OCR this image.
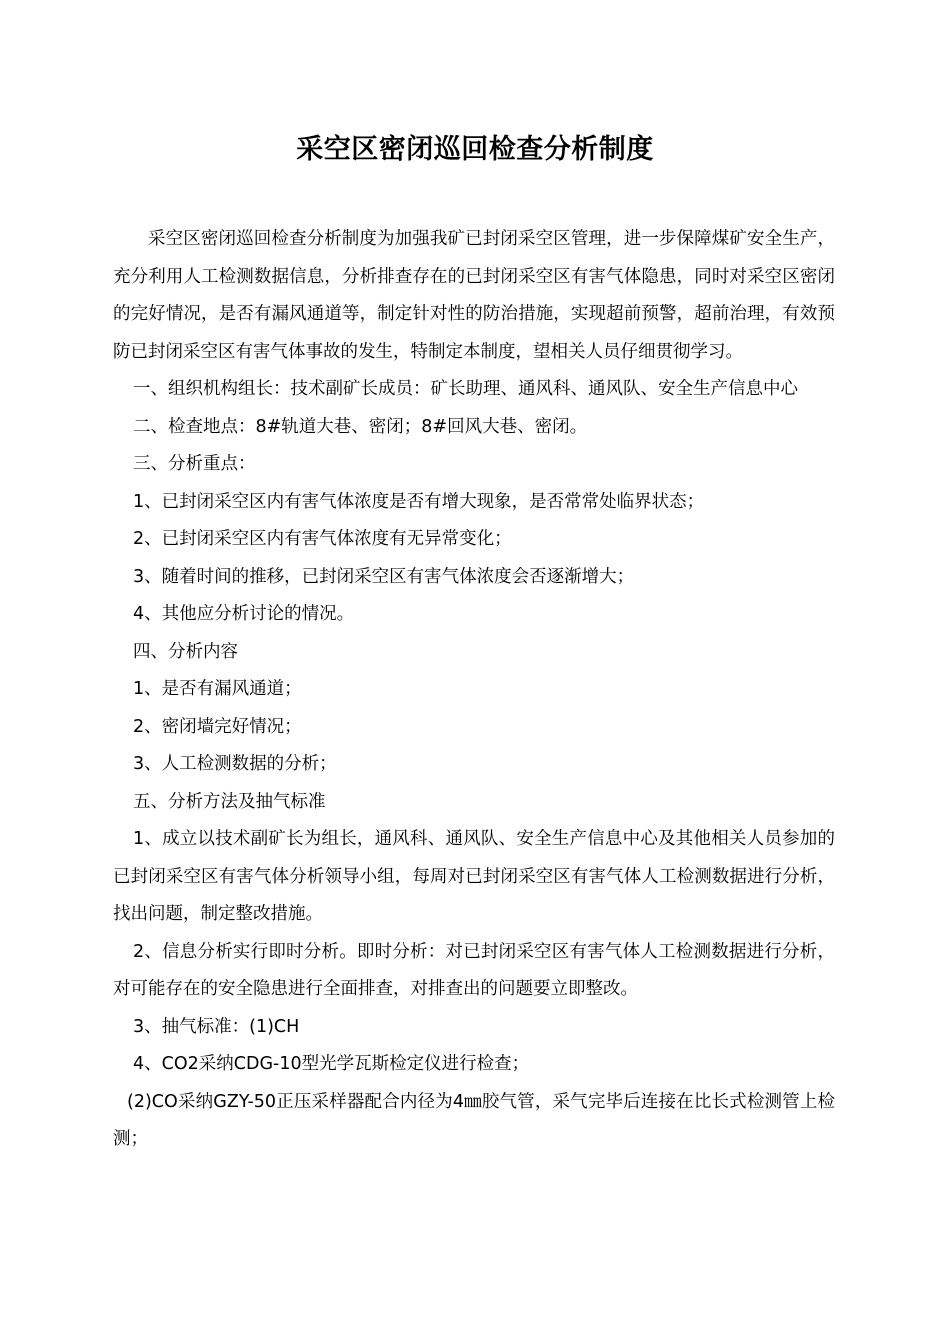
采空区密闭巡回检查分析制度

采空区密闭巡回检查分析制度为加强我矿已封闭采空区管理，进一步保障煤矿安全生产，充分利用人工检测数据信息，分析排查存在的已封闭采空区有害气体隐患，同时对采空区密闭的完好情况，是否有漏风通道等，制定针对性的防治措施，实现超前预警，超前治理，有效预防已封闭采空区有害气体事故的发生，特制定本制度，望相关人员仔细贯彻学习。

一、组织机构组长：技术副矿长成员：矿长助理、通风科、通风队、安全生产信息中心

二、检查地点：8#轨道大巷、密闭；8#回风大巷、密闭。

三、分析重点：

1、已封闭采空区内有害气体浓度是否有增大现象，是否常常处临界状态；

2、已封闭采空区内有害气体浓度有无异常变化；

3、随着时间的推移，已封闭采空区有害气体浓度会否逐渐增大；

4、其他应分析讨论的情况。

四、分析内容

1、是否有漏风通道；

2、密闭墙完好情况；

3、人工检测数据的分析；

五、分析方法及抽气标准

1、成立以技术副矿长为组长，通风科、通风队、安全生产信息中心及其他相关人员参加的已封闭采空区有害气体分析领导小组，每周对已封闭采空区有害气体人工检测数据进行分析，找出问题，制定整改措施。

2、信息分析实行即时分析。即时分析：对已封闭采空区有害气体人工检测数据进行分析，对可能存在的安全隐患进行全面排查，对排查出的问题要立即整改。

3、抽气标准：(1)CH

4、CO2采纳CDG-10型光学瓦斯检定仪进行检查；

(2)CO采纳GZY-50正压采样器配合内径为4㎜胶气管，采气完毕后连接在比长式检测管上检测；
